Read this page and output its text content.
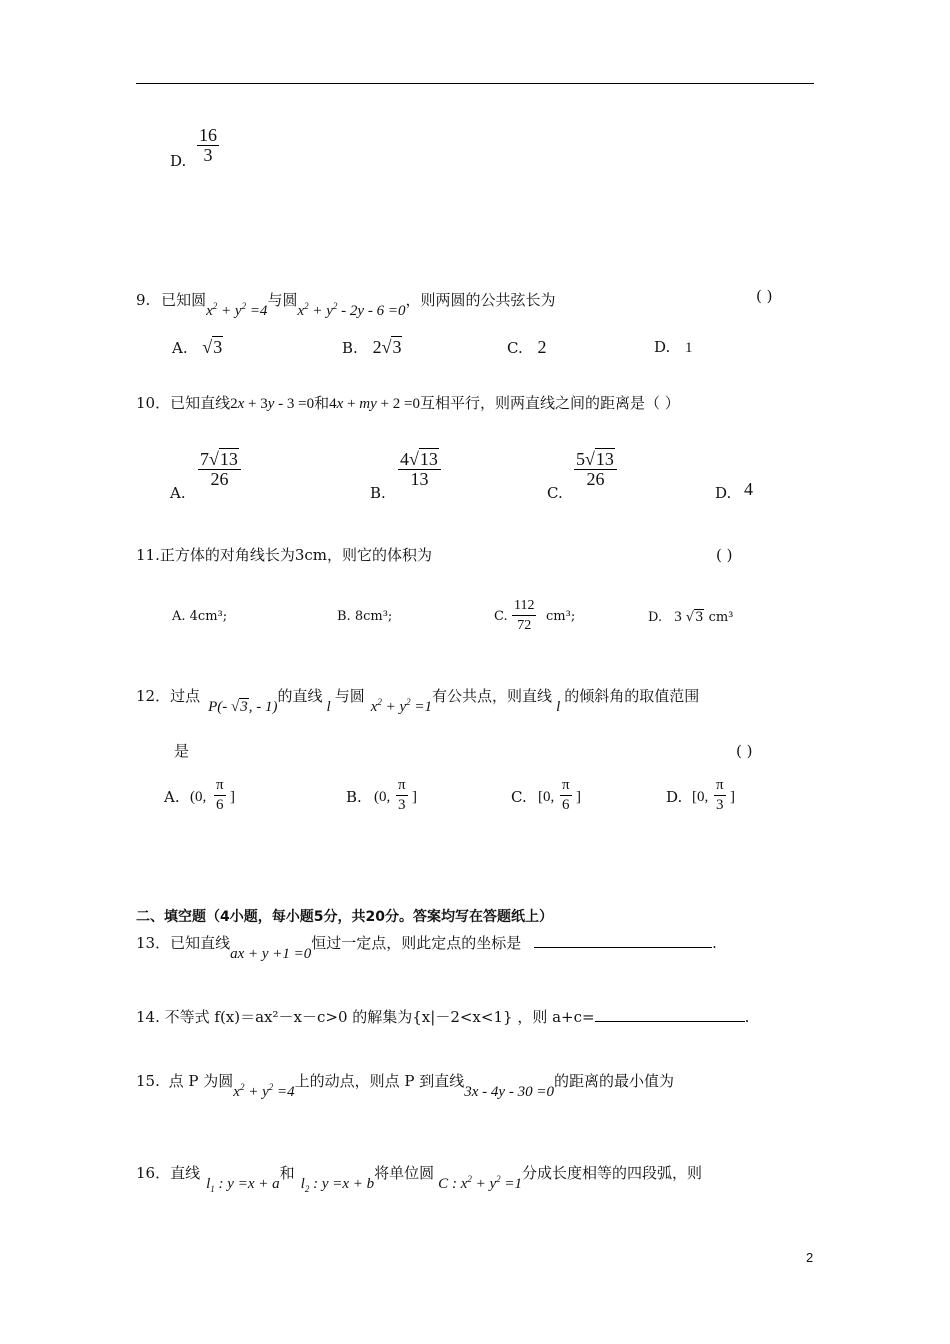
D. $\frac{16}{3}$
9. 已知圆$x^2 + y^2 =4$与圆$x^2 + y^2 - 2y - 6 =0$，则两圆的公共弦长为	( )
A. √3	B. 2√3	C. 2	D. 1
10．已知直线2x + 3y - 3 =0和4x + my + 2 =0互相平行，则两直线之间的距离是（ ）
A.
$\frac{7√13}{26}$
B.
$\frac{4√13}{13}$
C.
$\frac{5√13}{26}$
D. 4
11.正方体的对角线长为3cm，则它的体积为	( )
A. 4cm³;	B. 8cm³;	C. $\frac{112}{72} cm^3$;	D. 3 √3 cm³
12．过点P(- √3, - 1)的直线l与圆$x^2 + y^2 =1$有公共点，则直线l的倾斜角的取值范围
是	( )
A. (0, $\frac{\pi}{6}$ ]	B. (0, $\frac{\pi}{3}$ ]	C. [0, $\frac{\pi}{6}$ ]	D. [0, $\frac{\pi}{3}$ ]
二、填空题（4小题，每小题5分，共20分。答案均写在答题纸上）
13．已知直线ax + y +1 =0恒过一定点，则此定点的坐标是	.
14. 不等式 f(x)＝ax²－x－c>0 的解集为{x|－2<x<1} ，则 a+c=	.
15. 点 P 为圆$x^2 + y^2 =4$上的动点，则点 P 到直线3x - 4y - 30 =0的距离的最小值为
16．直线$l_1$ : y =x + a和$l_2$ : y =x + b将单位圆C : $x^2 + y^2 =1$分成长度相等的四段弧，则
2
